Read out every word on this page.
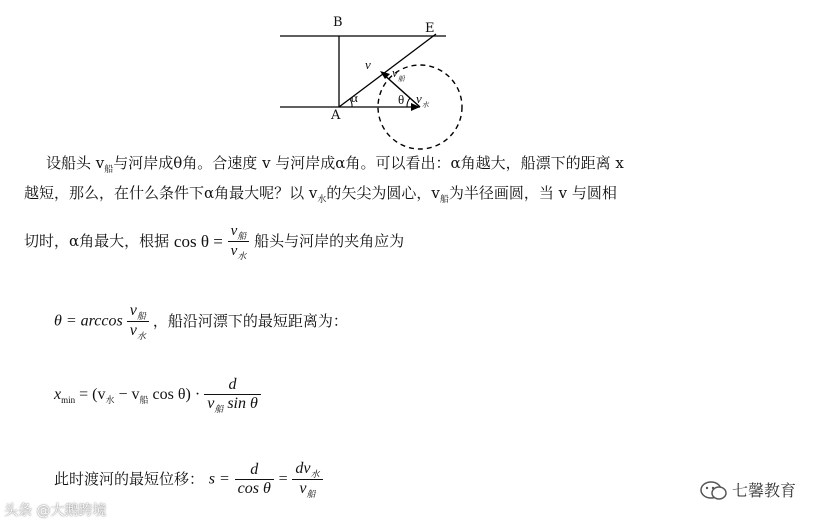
B	E
A
v
$v_船$
α	θ $v_水$
设船头 $v_船$与河岸成θ角。合速度 v 与河岸成α角。可以看出：α角越大，船漂下的距离 x
越短，那么，在什么条件下α角最大呢？以 $v_水$的矢尖为圆心，$v_船$为半径画圆，当 v 与圆相
切时，α角最大，根据 $\cos \theta = \frac{v_船}{v_水}$ 船头与河岸的夹角应为
$\theta = \arccos \frac{v_船}{v_水}$ ，船沿河漂下的最短距离为：
$x_{min} = (v_水 - v_船$ $\cos \theta) \cdot \frac{d}{v_船 \sin \theta}$
此时渡河的最短位移： $s = \frac{d}{\text{cos θ}} = \frac{dv_水}{v_船}$
头条 @大鹅跨境
七馨教育
